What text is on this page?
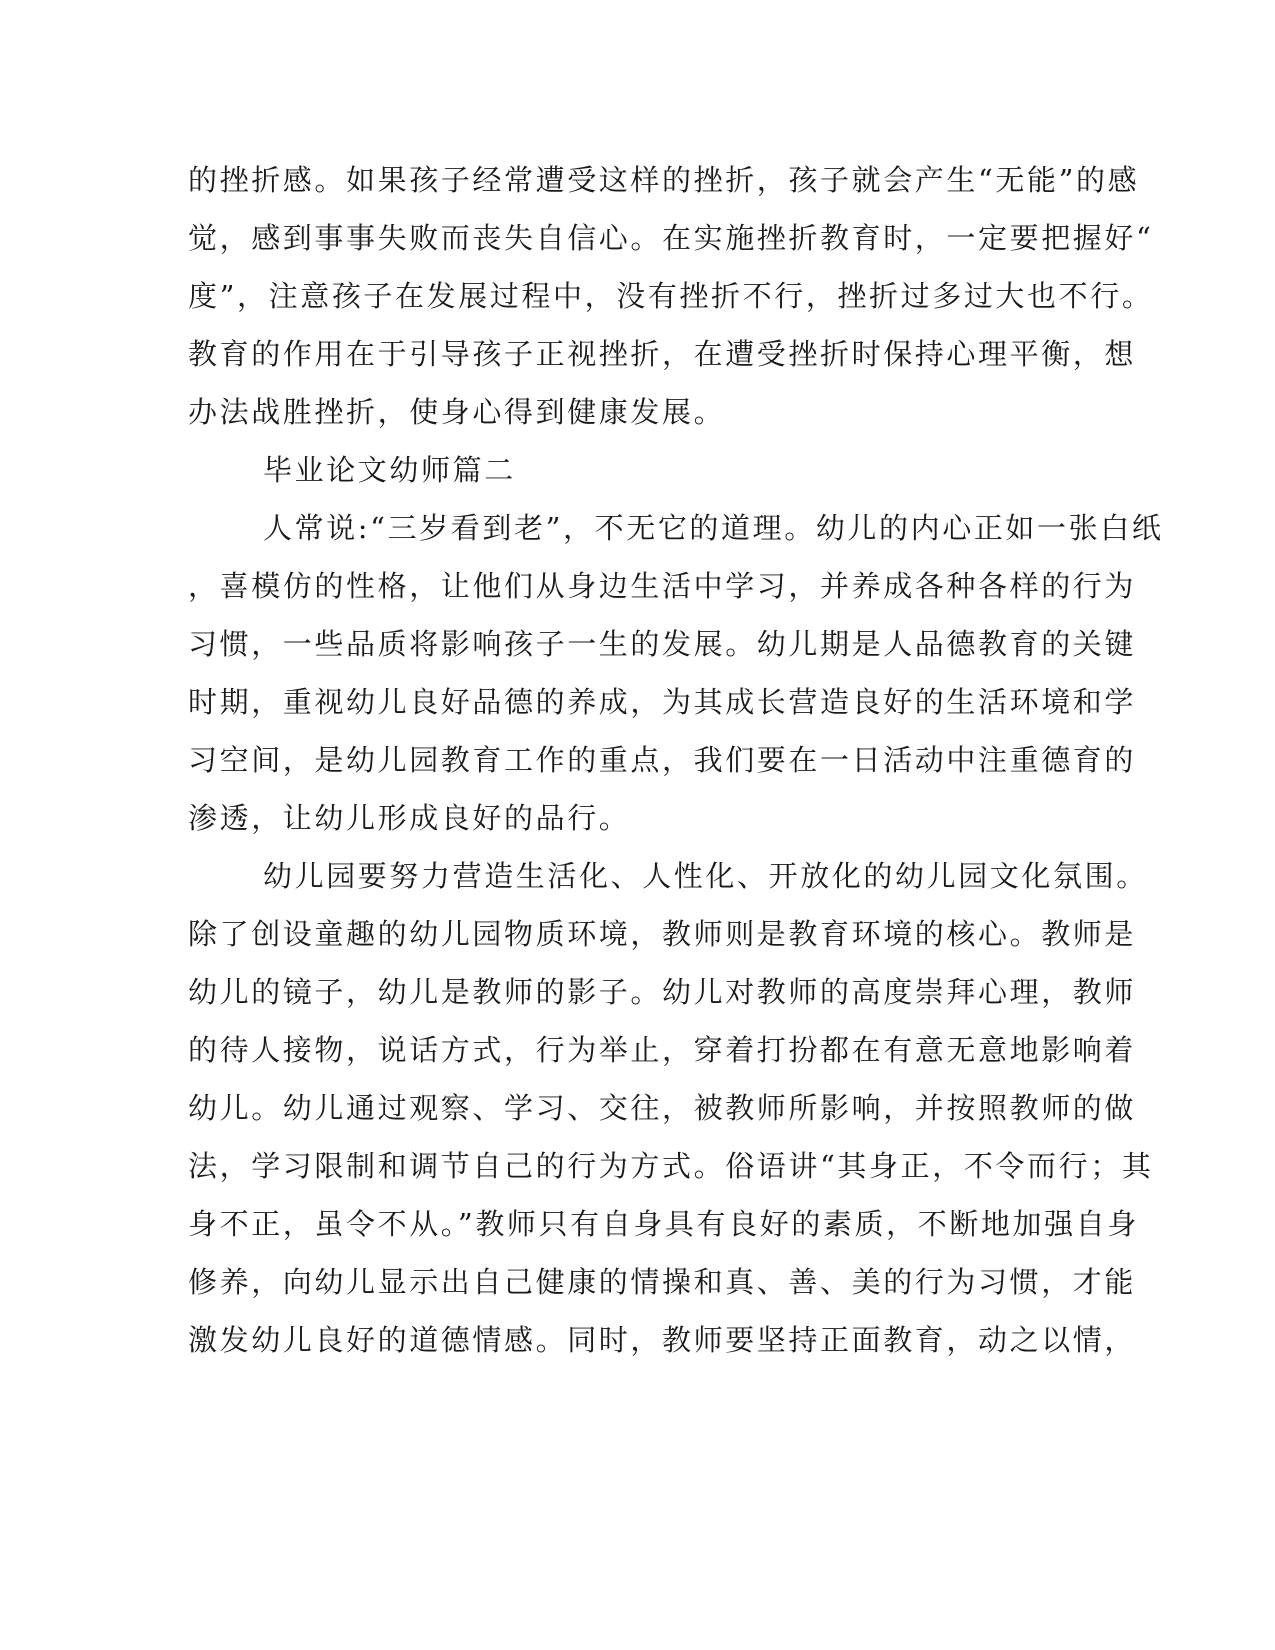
的挫折感。如果孩子经常遭受这样的挫折，孩子就会产生“无能”的感
觉，感到事事失败而丧失自信心。在实施挫折教育时，一定要把握好“
度”，注意孩子在发展过程中，没有挫折不行，挫折过多过大也不行。
教育的作用在于引导孩子正视挫折，在遭受挫折时保持心理平衡，想
办法战胜挫折，使身心得到健康发展。
毕业论文幼师篇二
人常说:“三岁看到老”，不无它的道理。幼儿的内心正如一张白纸
，喜模仿的性格，让他们从身边生活中学习，并养成各种各样的行为
习惯，一些品质将影响孩子一生的发展。幼儿期是人品德教育的关键
时期，重视幼儿良好品德的养成，为其成长营造良好的生活环境和学
习空间，是幼儿园教育工作的重点，我们要在一日活动中注重德育的
渗透，让幼儿形成良好的品行。
幼儿园要努力营造生活化、人性化、开放化的幼儿园文化氛围。
除了创设童趣的幼儿园物质环境，教师则是教育环境的核心。教师是
幼儿的镜子，幼儿是教师的影子。幼儿对教师的高度崇拜心理，教师
的待人接物，说话方式，行为举止，穿着打扮都在有意无意地影响着
幼儿。幼儿通过观察、学习、交往，被教师所影响，并按照教师的做
法，学习限制和调节自己的行为方式。俗语讲“其身正，不令而行；其
身不正，虽令不从。”教师只有自身具有良好的素质，不断地加强自身
修养，向幼儿显示出自己健康的情操和真、善、美的行为习惯，才能
激发幼儿良好的道德情感。同时，教师要坚持正面教育，动之以情，
